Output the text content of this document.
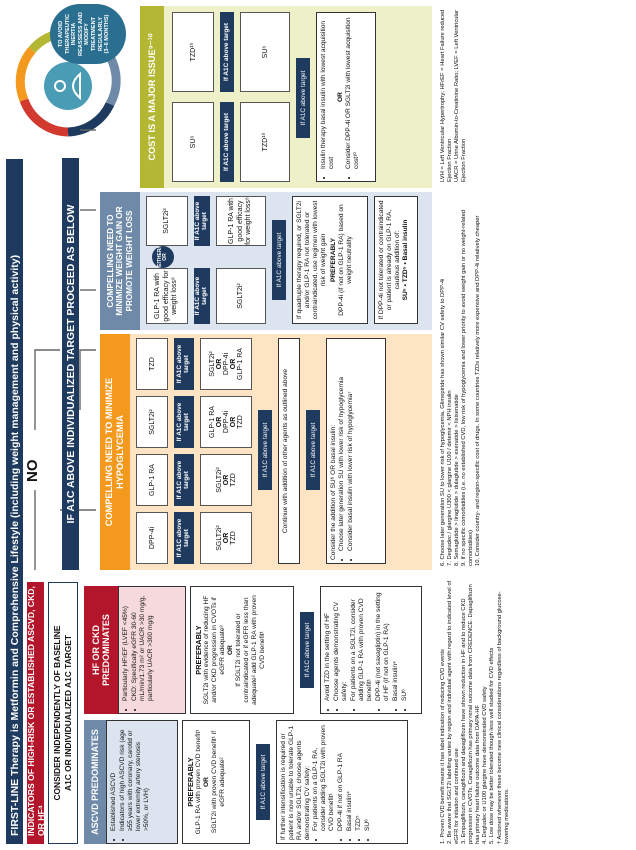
FIRST-LINE Therapy is Metformin and Comprehensive Lifestyle (including weight management and physical activity)
TO AVOID THERAPEUTIC INERTIA REASSESS AND MODIFY TREATMENT REGULARLY (3–6 MONTHS)
INDICATORS OF HIGH-RISK OR ESTABLISHED ASCVD, CKD, OR HF⁴
NO
CONSIDER INDEPENDENTLY OF BASELINE A1C OR INDIVIDUALIZED A1C TARGET
IF A1C ABOVE INDIVIDUALIZED TARGET PROCEED AS BELOW
ASCVD PREDOMINATES	• Established ASCVD • Indicators of high ASCVD risk (age ≥55 years with coronary, carotid or lower extremity artery stenosis >50%, or LVH)
PREFERABLY GLP-1 RA with proven CVD benefit¹ OR SGLT2i with proven CVD benefit¹ if eGFR adequate²	If A1C above target	If further intensification is required or patient is now unable to tolerate GLP-1 RA and/or SGLT2i, choose agents demonstrating CV safety: • For patients on a GLP-1 RA, consider adding SGLT2i with proven CVD benefit¹ • DPP-4i if not on GLP-1 RA • Basal insulin⁴ • TZD⁵ • SU⁶
HF OR CKD PREDOMINATES • Particularly HFrEF (LVEF <45%) • CKD: Specifically eGFR 30-60 mL/min/1.73 m² or UACR >30 mg/g, particularly UACR >300 mg/g	PREFERABLY SGLT2i with evidence of reducing HF and/or CKD progression in CVOTs if eGFR adequate³ OR If SGLT2i not tolerated or contraindicated or if eGFR less than adequate² add GLP-1 RA with proven CVD benefit¹	If A1C above target	• Avoid TZD in the setting of HF • Choose agents demonstrating CV safety: • For patients on a SGLT2i, consider adding GLP-1 RA with proven CVD benefit¹ • DPP-4i (not saxagliptin) in the setting of HF (if not on GLP-1 RA) • Basal insulin⁴ • SU⁶
COMPELLING NEED TO MINIMIZE HYPOGLYCEMIA
DPP-4i
GLP-1 RA
SGLT2i²
TZD
If A1C above target
If A1C above target
If A1C above target
If A1C above target
SGLT2i² OR TZD
SGLT2i² OR TZD
GLP-1 RA OR DPP-4i OR TZD
SGLT2i² OR DPP-4i OR GLP-1 RA
If A1C above target	Continue with addition of other agents as outlined above	If A1C above target	Consider the addition of SU⁶ OR basal insulin: • Choose later generation SU with lower risk of hypoglycemia • Consider basal insulin with lower risk of hypoglycemia⁷
COMPELLING NEED TO MINIMIZE WEIGHT GAIN OR PROMOTE WEIGHT LOSS	GLP-1 RA with good efficacy for weight loss⁸
EITHER/ OR
SGLT2i²
If A1C above target
If A1C above target
SGLT2i²
GLP-1 RA with good efficacy for weight loss⁸
If A1C above target	If quadruple therapy required, or SGLT2i and/or GLP-1 RA not tolerated or contraindicated, use regimen with lowest risk of weight gain PREFERABLY DPP-4i (if not on GLP-1 RA) based on weight neutrality	If DPP-4i not tolerated or contraindicated or patient is already on GLP-1 RA, cautious addition of: SU⁶ • TZD⁵ • Basal insulin
COST IS A MAJOR ISSUE⁹⁻¹⁰	SU⁶
TZD¹⁰
If A1C above target
If A1C above target
TZD¹⁰
SU⁶
If A1C above target	• Insulin therapy basal insulin with lowest acquisition cost
OR • Consider DPP-4i OR SGLT2i with lowest acquisition cost¹⁰
1. Proven CVD benefit means it has label indication of reducing CVD events 2. Be aware that SGLT2i labelling varies by region and individual agent with regard to indicated level of eGFR for initiation and continued use 3. Empagliflozin, canagliflozin and dapagliflozin have shown reduction in HF and to reduce CKD progression in CVOTs. Canagliflozin has primary renal outcome data from CREDENCE. Dapagliflozin has primary heart failure outcome data from DAPA-HF 4. Degludec or U100 glargine have demonstrated CVD safety 5. Low dose may be better tolerated though less well studied for CVD effects † Actioned whenever these become new clinical considerations regardless of background glucose-lowering medications.
6. Choose later generation SU to lower risk of hypoglycemia. Glimepiride has shown similar CV safety to DPP-4i 7. Degludec / glargine U300 < glargine U100 / detemir < NPH insulin 8. Semaglutide > liraglutide > dulaglutide > exenatide > lixisenatide 9. If no specific comorbidities (i.e. no established CVD, low risk of hypoglycemia and lower priority to avoid weight gain or no weight-related comorbidities) 10. Consider country- and region-specific cost of drugs. In some countries TZDs relatively more expensive and DPP-4i relatively cheaper
LVH = Left Ventricular Hypertrophy; HFrEF = Heart Failure reduced Ejection Fraction UACR = Urine Albumin-to-Creatinine Ratio; LVEF = Left Ventricular Ejection Fraction
